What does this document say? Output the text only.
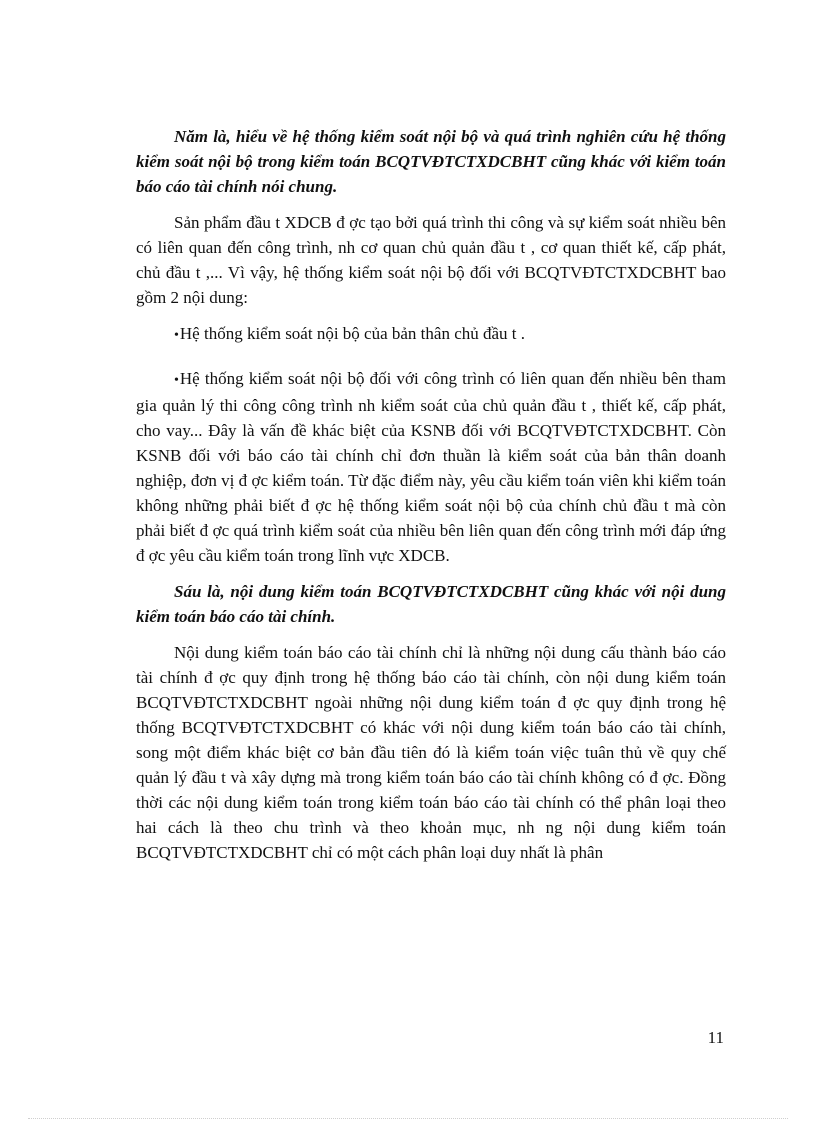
Năm là, hiểu về hệ thống kiểm soát nội bộ và quá trình nghiên cứu hệ thống kiểm soát nội bộ trong kiểm toán BCQTVĐTCTXDCBHT cũng khác với kiểm toán báo cáo tài chính nói chung.

Sản phẩm đầu t XDCB đ ợc tạo bởi quá trình thi công và sự kiểm soát nhiều bên có liên quan đến công trình, nh cơ quan chủ quản đầu t , cơ quan thiết kế, cấp phát, chủ đầu t ,... Vì vậy, hệ thống kiểm soát nội bộ đối với BCQTVĐTCTXDCBHT bao gồm 2 nội dung:

•Hệ thống kiểm soát nội bộ của bản thân chủ đầu t .

•Hệ thống kiểm soát nội bộ đối với công trình có liên quan đến nhiều bên tham gia quản lý thi công công trình nh kiểm soát của chủ quản đầu t , thiết kế, cấp phát, cho vay... Đây là vấn đề khác biệt của KSNB đối với BCQTVĐTCTXDCBHT. Còn KSNB đối với báo cáo tài chính chỉ đơn thuần là kiểm soát của bản thân doanh nghiệp, đơn vị đ ợc kiểm toán. Từ đặc điểm này, yêu cầu kiểm toán viên khi kiểm toán không những phải biết đ ợc hệ thống kiểm soát nội bộ của chính chủ đầu t mà còn phải biết đ ợc quá trình kiểm soát của nhiều bên liên quan đến công trình mới đáp ứng đ ợc yêu cầu kiểm toán trong lĩnh vực XDCB.

Sáu là, nội dung kiểm toán BCQTVĐTCTXDCBHT cũng khác với nội dung kiểm toán báo cáo tài chính.

Nội dung kiểm toán báo cáo tài chính chỉ là những nội dung cấu thành báo cáo tài chính đ ợc quy định trong hệ thống báo cáo tài chính, còn nội dung kiểm toán BCQTVĐTCTXDCBHT ngoài những nội dung kiểm toán đ ợc quy định trong hệ thống BCQTVĐTCTXDCBHT có khác với nội dung kiểm toán báo cáo tài chính, song một điểm khác biệt cơ bản đầu tiên đó là kiểm toán việc tuân thủ về quy chế quản lý đầu t và xây dựng mà trong kiểm toán báo cáo tài chính không có đ ợc. Đồng thời các nội dung kiểm toán trong kiểm toán báo cáo tài chính có thể phân loại theo hai cách là theo chu trình và theo khoản mục, nh ng nội dung kiểm toán BCQTVĐTCTXDCBHT chỉ có một cách phân loại duy nhất là phân

11
